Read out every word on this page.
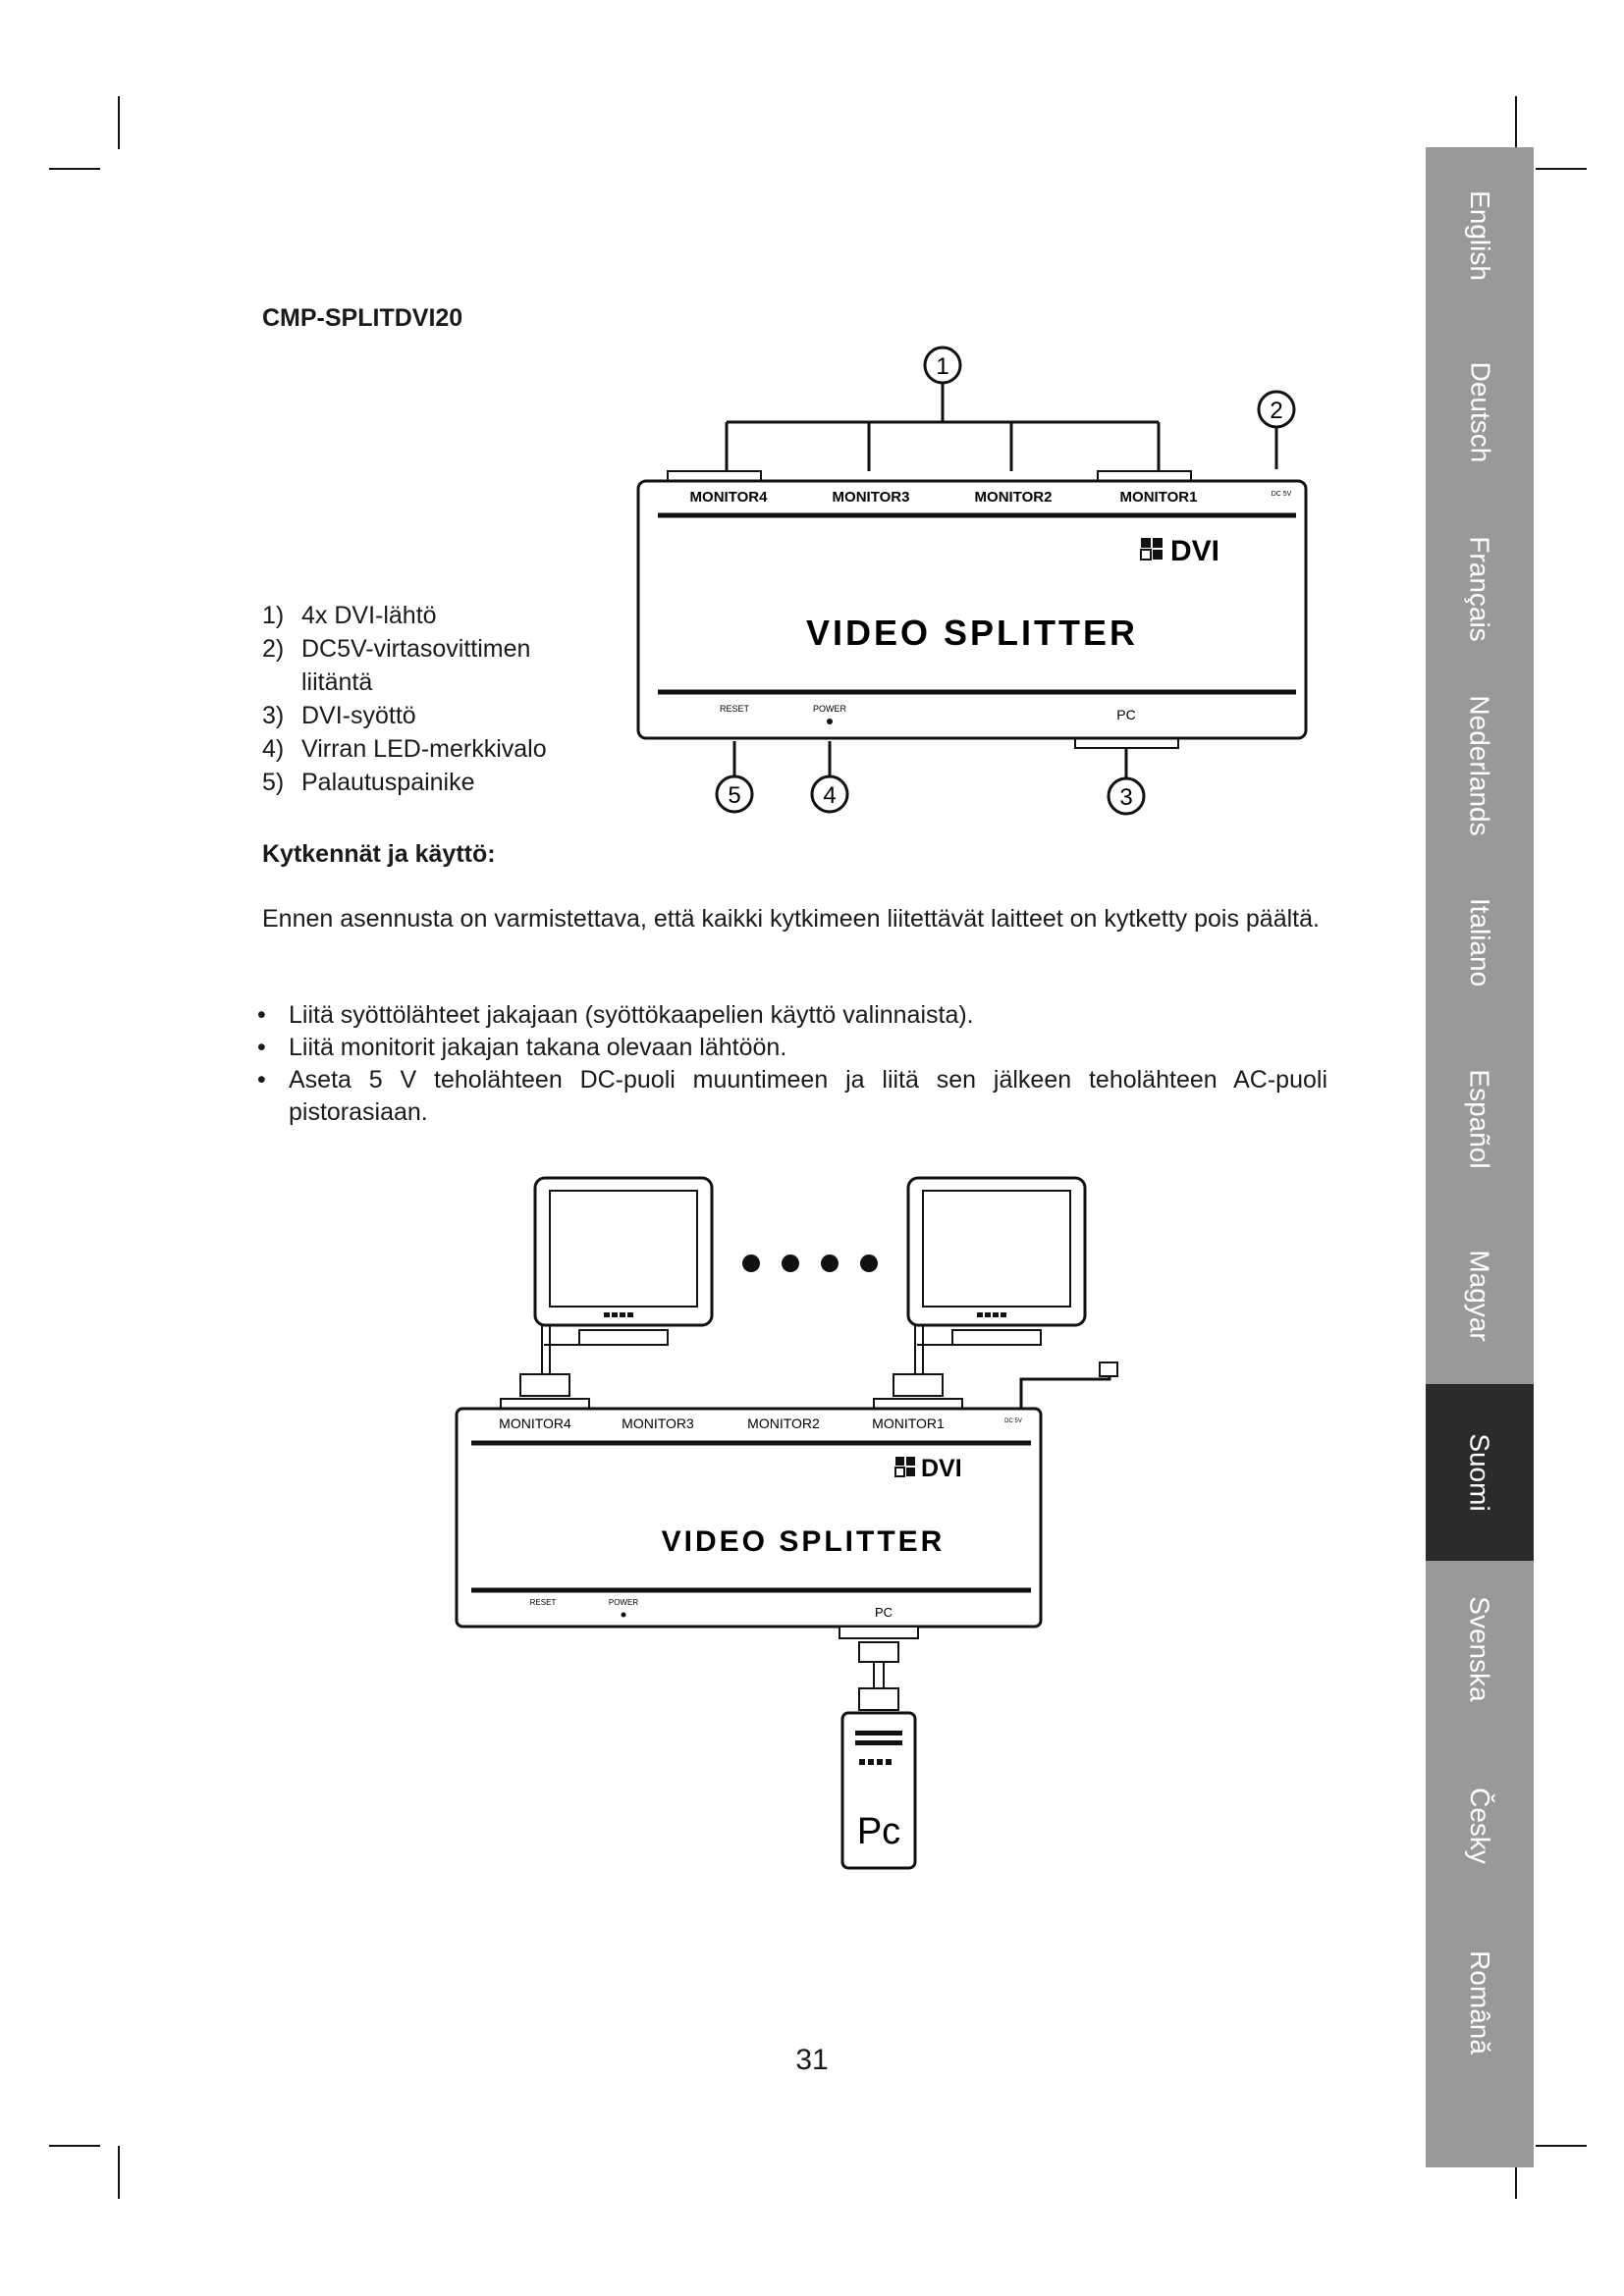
CMP-SPLITDVI20
1) 4x DVI-lähtö
2) DC5V-virtasovittimen liitäntä
3) DVI-syöttö
4) Virran LED-merkkivalo
5) Palautuspainike
1
2
3
4
5
MONITOR4	MONITOR3	MONITOR2	MONITOR1	DC 5V
DVI
VIDEO SPLITTER
RESET	POWER	PC
Kytkennät ja käyttö:
Ennen asennusta on varmistettava, että kaikki kytkimeen liitettävät laitteet on kytketty pois päältä.
• Liitä syöttölähteet jakajaan (syöttökaapelien käyttö valinnaista).
• Liitä monitorit jakajan takana olevaan lähtöön.
• Aseta 5 V teholähteen DC-puoli muuntimeen ja liitä sen jälkeen teholähteen AC-puoli pistorasiaan.
MONITOR4	MONITOR3	MONITOR2	MONITOR1	DC 5V
DVI
VIDEO SPLITTER
RESET	POWER
PC
Pc
31
English
Deutsch
Français
Nederlands
Italiano
Español
Magyar
Suomi
Svenska
Česky
Română
